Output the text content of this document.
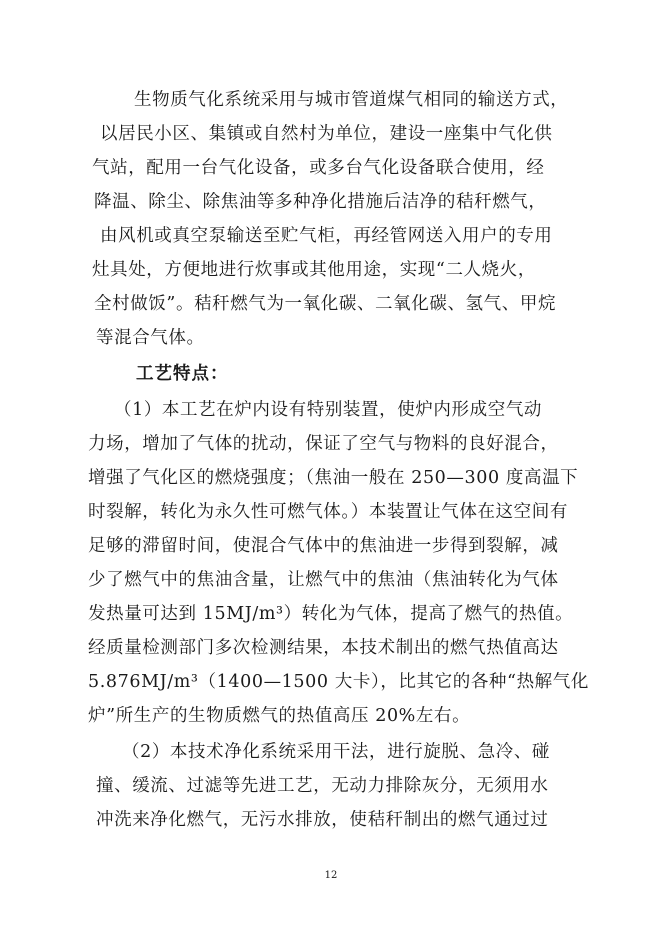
生物质气化系统采用与城市管道煤气相同的输送方式，
以居民小区、集镇或自然村为单位，建设一座集中气化供
气站，配用一台气化设备，或多台气化设备联合使用，经
降温、除尘、除焦油等多种净化措施后洁净的秸秆燃气，
由风机或真空泵输送至贮气柜，再经管网送入用户的专用
灶具处，方便地进行炊事或其他用途，实现“二人烧火，
全村做饭”。秸秆燃气为一氧化碳、二氧化碳、氢气、甲烷
等混合气体。
工艺特点：
（1）本工艺在炉内设有特别装置，使炉内形成空气动
力场，增加了气体的扰动，保证了空气与物料的良好混合，
增强了气化区的燃烧强度；（焦油一般在 250—300 度高温下
时裂解，转化为永久性可燃气体。）本装置让气体在这空间有
足够的滞留时间，使混合气体中的焦油进一步得到裂解，减
少了燃气中的焦油含量，让燃气中的焦油（焦油转化为气体
发热量可达到 15MJ/m³）转化为气体，提高了燃气的热值。
经质量检测部门多次检测结果，本技术制出的燃气热值高达
5.876MJ/m³（1400—1500 大卡），比其它的各种“热解气化
炉”所生产的生物质燃气的热值高压 20%左右。
（2）本技术净化系统采用干法，进行旋脱、急冷、碰
撞、缓流、过滤等先进工艺，无动力排除灰分，无须用水
冲洗来净化燃气，无污水排放，使秸秆制出的燃气通过过
12
